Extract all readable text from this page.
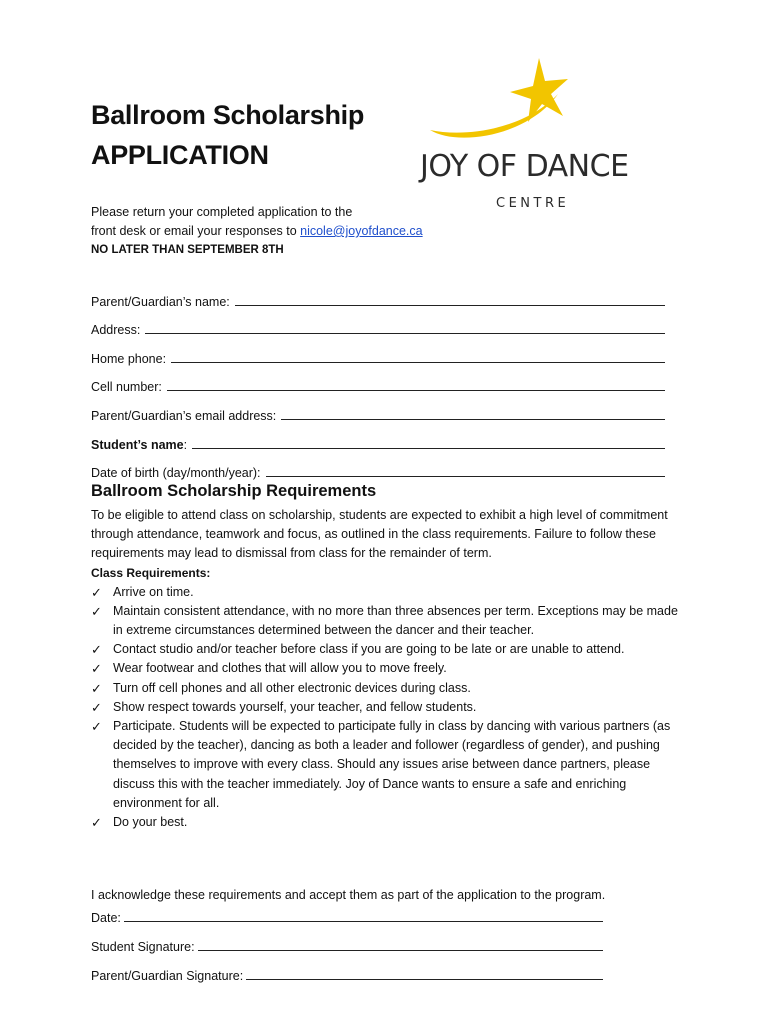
Ballroom Scholarship
APPLICATION	JOY OF DANCE
CENTRE
Please return your completed application to the
front desk or email your responses to nicole@joyofdance.ca
NO LATER THAN SEPTEMBER 8TH
Parent/Guardian’s name:
Address:
Home phone:
Cell number:
Parent/Guardian’s email address:
Student’s name:
Date of birth (day/month/year):
Ballroom Scholarship Requirements

To be eligible to attend class on scholarship, students are expected to exhibit a high level of commitment through attendance, teamwork and focus, as outlined in the class requirements. Failure to follow these requirements may lead to dismissal from class for the remainder of term.

Class Requirements:

✓ Arrive on time.
✓ Maintain consistent attendance, with no more than three absences per term. Exceptions may be made in extreme circumstances determined between the dancer and their teacher.
✓ Contact studio and/or teacher before class if you are going to be late or are unable to attend.
✓ Wear footwear and clothes that will allow you to move freely.
✓ Turn off cell phones and all other electronic devices during class.
✓ Show respect towards yourself, your teacher, and fellow students.
✓ Participate. Students will be expected to participate fully in class by dancing with various partners (as decided by the teacher), dancing as both a leader and follower (regardless of gender), and pushing themselves to improve with every class. Should any issues arise between dance partners, please discuss this with the teacher immediately. Joy of Dance wants to ensure a safe and enriching environment for all.
✓ Do your best.
I acknowledge these requirements and accept them as part of the application to the program.
Date:
Student Signature:
Parent/Guardian Signature:
